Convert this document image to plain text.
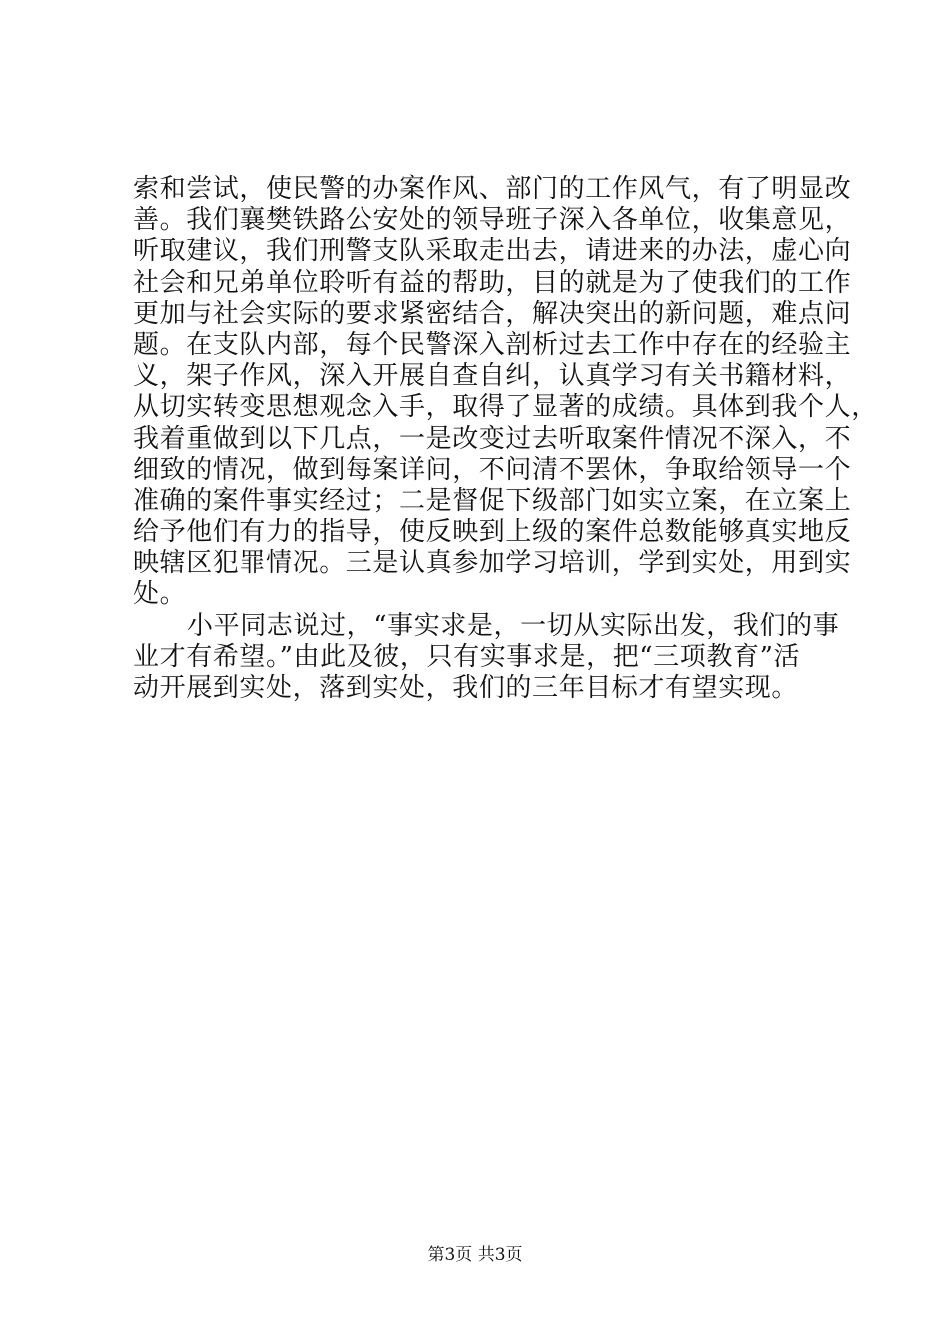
索和尝试，使民警的办案作风、部门的工作风气，有了明显改
善。我们襄樊铁路公安处的领导班子深入各单位，收集意见，
听取建议，我们刑警支队采取走出去，请进来的办法，虚心向
社会和兄弟单位聆听有益的帮助，目的就是为了使我们的工作
更加与社会实际的要求紧密结合，解决突出的新问题，难点问
题。在支队内部，每个民警深入剖析过去工作中存在的经验主
义，架子作风，深入开展自查自纠，认真学习有关书籍材料，
从切实转变思想观念入手，取得了显著的成绩。具体到我个人，
我着重做到以下几点，一是改变过去听取案件情况不深入，不
细致的情况，做到每案详问，不问清不罢休，争取给领导一个
准确的案件事实经过；二是督促下级部门如实立案，在立案上
给予他们有力的指导，使反映到上级的案件总数能够真实地反
映辖区犯罪情况。三是认真参加学习培训，学到实处，用到实
处。
小平同志说过，“事实求是，一切从实际出发，我们的事
业才有希望。”由此及彼，只有实事求是，把“三项教育”活
动开展到实处，落到实处，我们的三年目标才有望实现。
第3页 共3页
